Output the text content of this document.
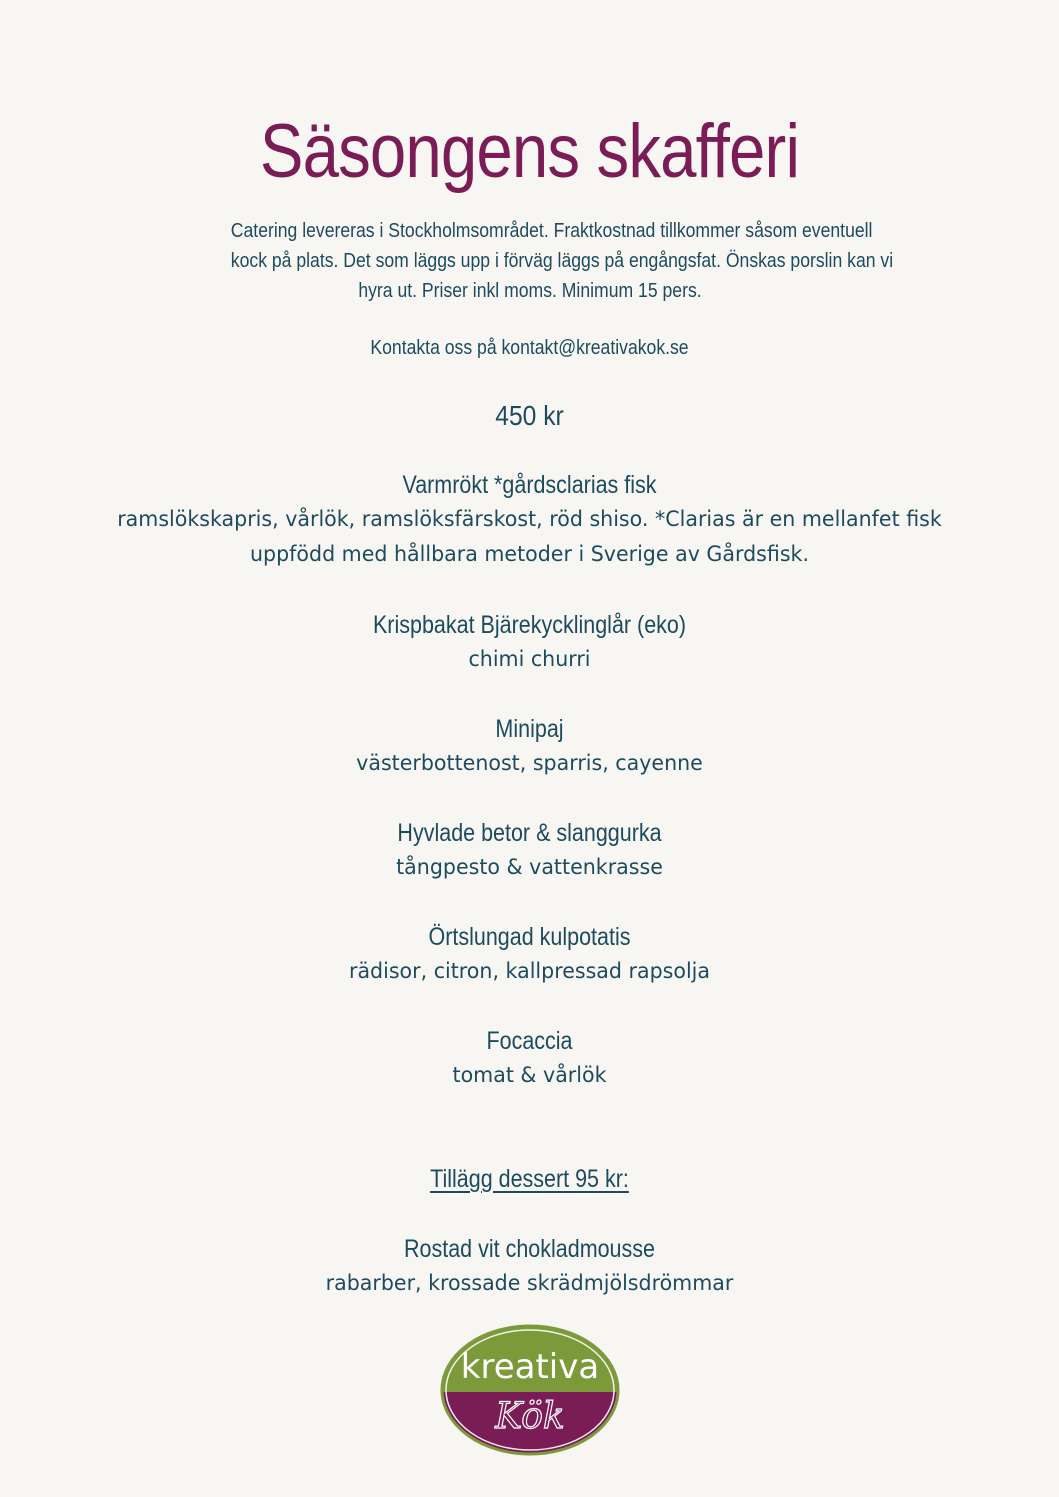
Säsongens skafferi
Catering levereras i Stockholmsområdet. Fraktkostnad tillkommer såsom eventuell
kock på plats. Det som läggs upp i förväg läggs på engångsfat. Önskas porslin kan vi
hyra ut. Priser inkl moms. Minimum 15 pers.
Kontakta oss på kontakt@kreativakok.se
450 kr
Varmrökt *gårdsclarias fisk
ramslökskapris, vårlök, ramslöksfärskost, röd shiso. *Clarias är en mellanfet fisk
uppfödd med hållbara metoder i Sverige av Gårdsfisk.
Krispbakat Bjärekycklinglår (eko)
chimi churri
Minipaj
västerbottenost, sparris, cayenne
Hyvlade betor & slanggurka
tångpesto & vattenkrasse
Örtslungad kulpotatis
rädisor, citron, kallpressad rapsolja
Focaccia
tomat & vårlök
Tillägg dessert 95 kr:
Rostad vit chokladmousse
rabarber, krossade skrädmjölsdrömmar
kreativa
Kök
